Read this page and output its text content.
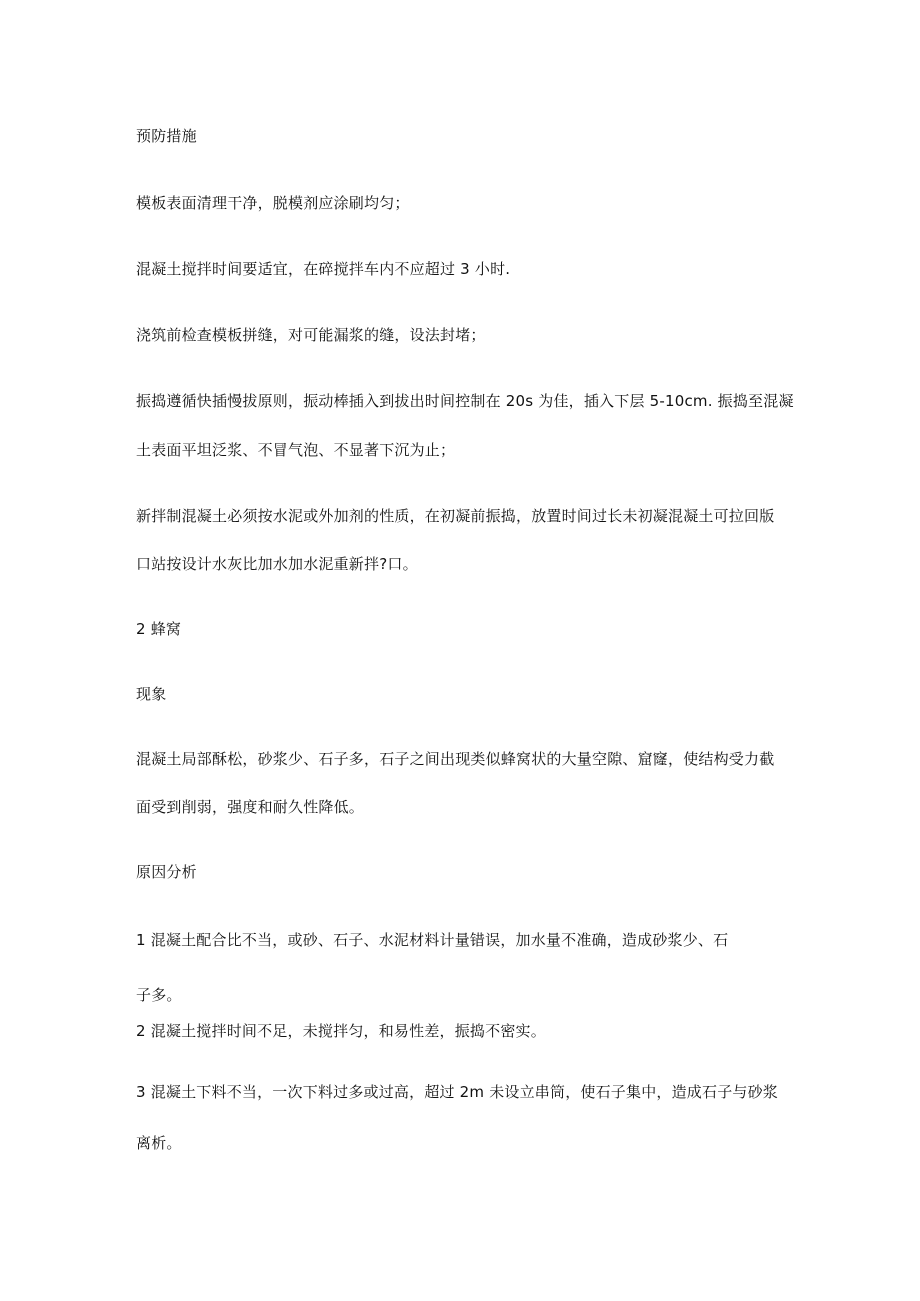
预防措施
模板表面清理干净，脱模剂应涂刷均匀；
混凝土搅拌时间要适宜，在碎搅拌车内不应超过 3 小时.
浇筑前检查模板拼缝，对可能漏浆的缝，设法封堵；
振捣遵循快插慢拔原则，振动棒插入到拔出时间控制在 20s 为佳，插入下层 5-10cm. 振捣至混凝
土表面平坦泛浆、不冒气泡、不显著下沉为止；
新拌制混凝土必须按水泥或外加剂的性质，在初凝前振捣，放置时间过长未初凝混凝土可拉回版
口站按设计水灰比加水加水泥重新拌?口。
2 蜂窝
现象
混凝土局部酥松，砂浆少、石子多，石子之间出现类似蜂窝状的大量空隙、窟窿，使结构受力截
面受到削弱，强度和耐久性降低。
原因分析
1 混凝土配合比不当，或砂、石子、水泥材料计量错误，加水量不准确，造成砂浆少、石
子多。
2 混凝土搅拌时间不足，未搅拌匀，和易性差，振捣不密实。
3 混凝土下料不当，一次下料过多或过高，超过 2m 未设立串筒，使石子集中，造成石子与砂浆
离析。
